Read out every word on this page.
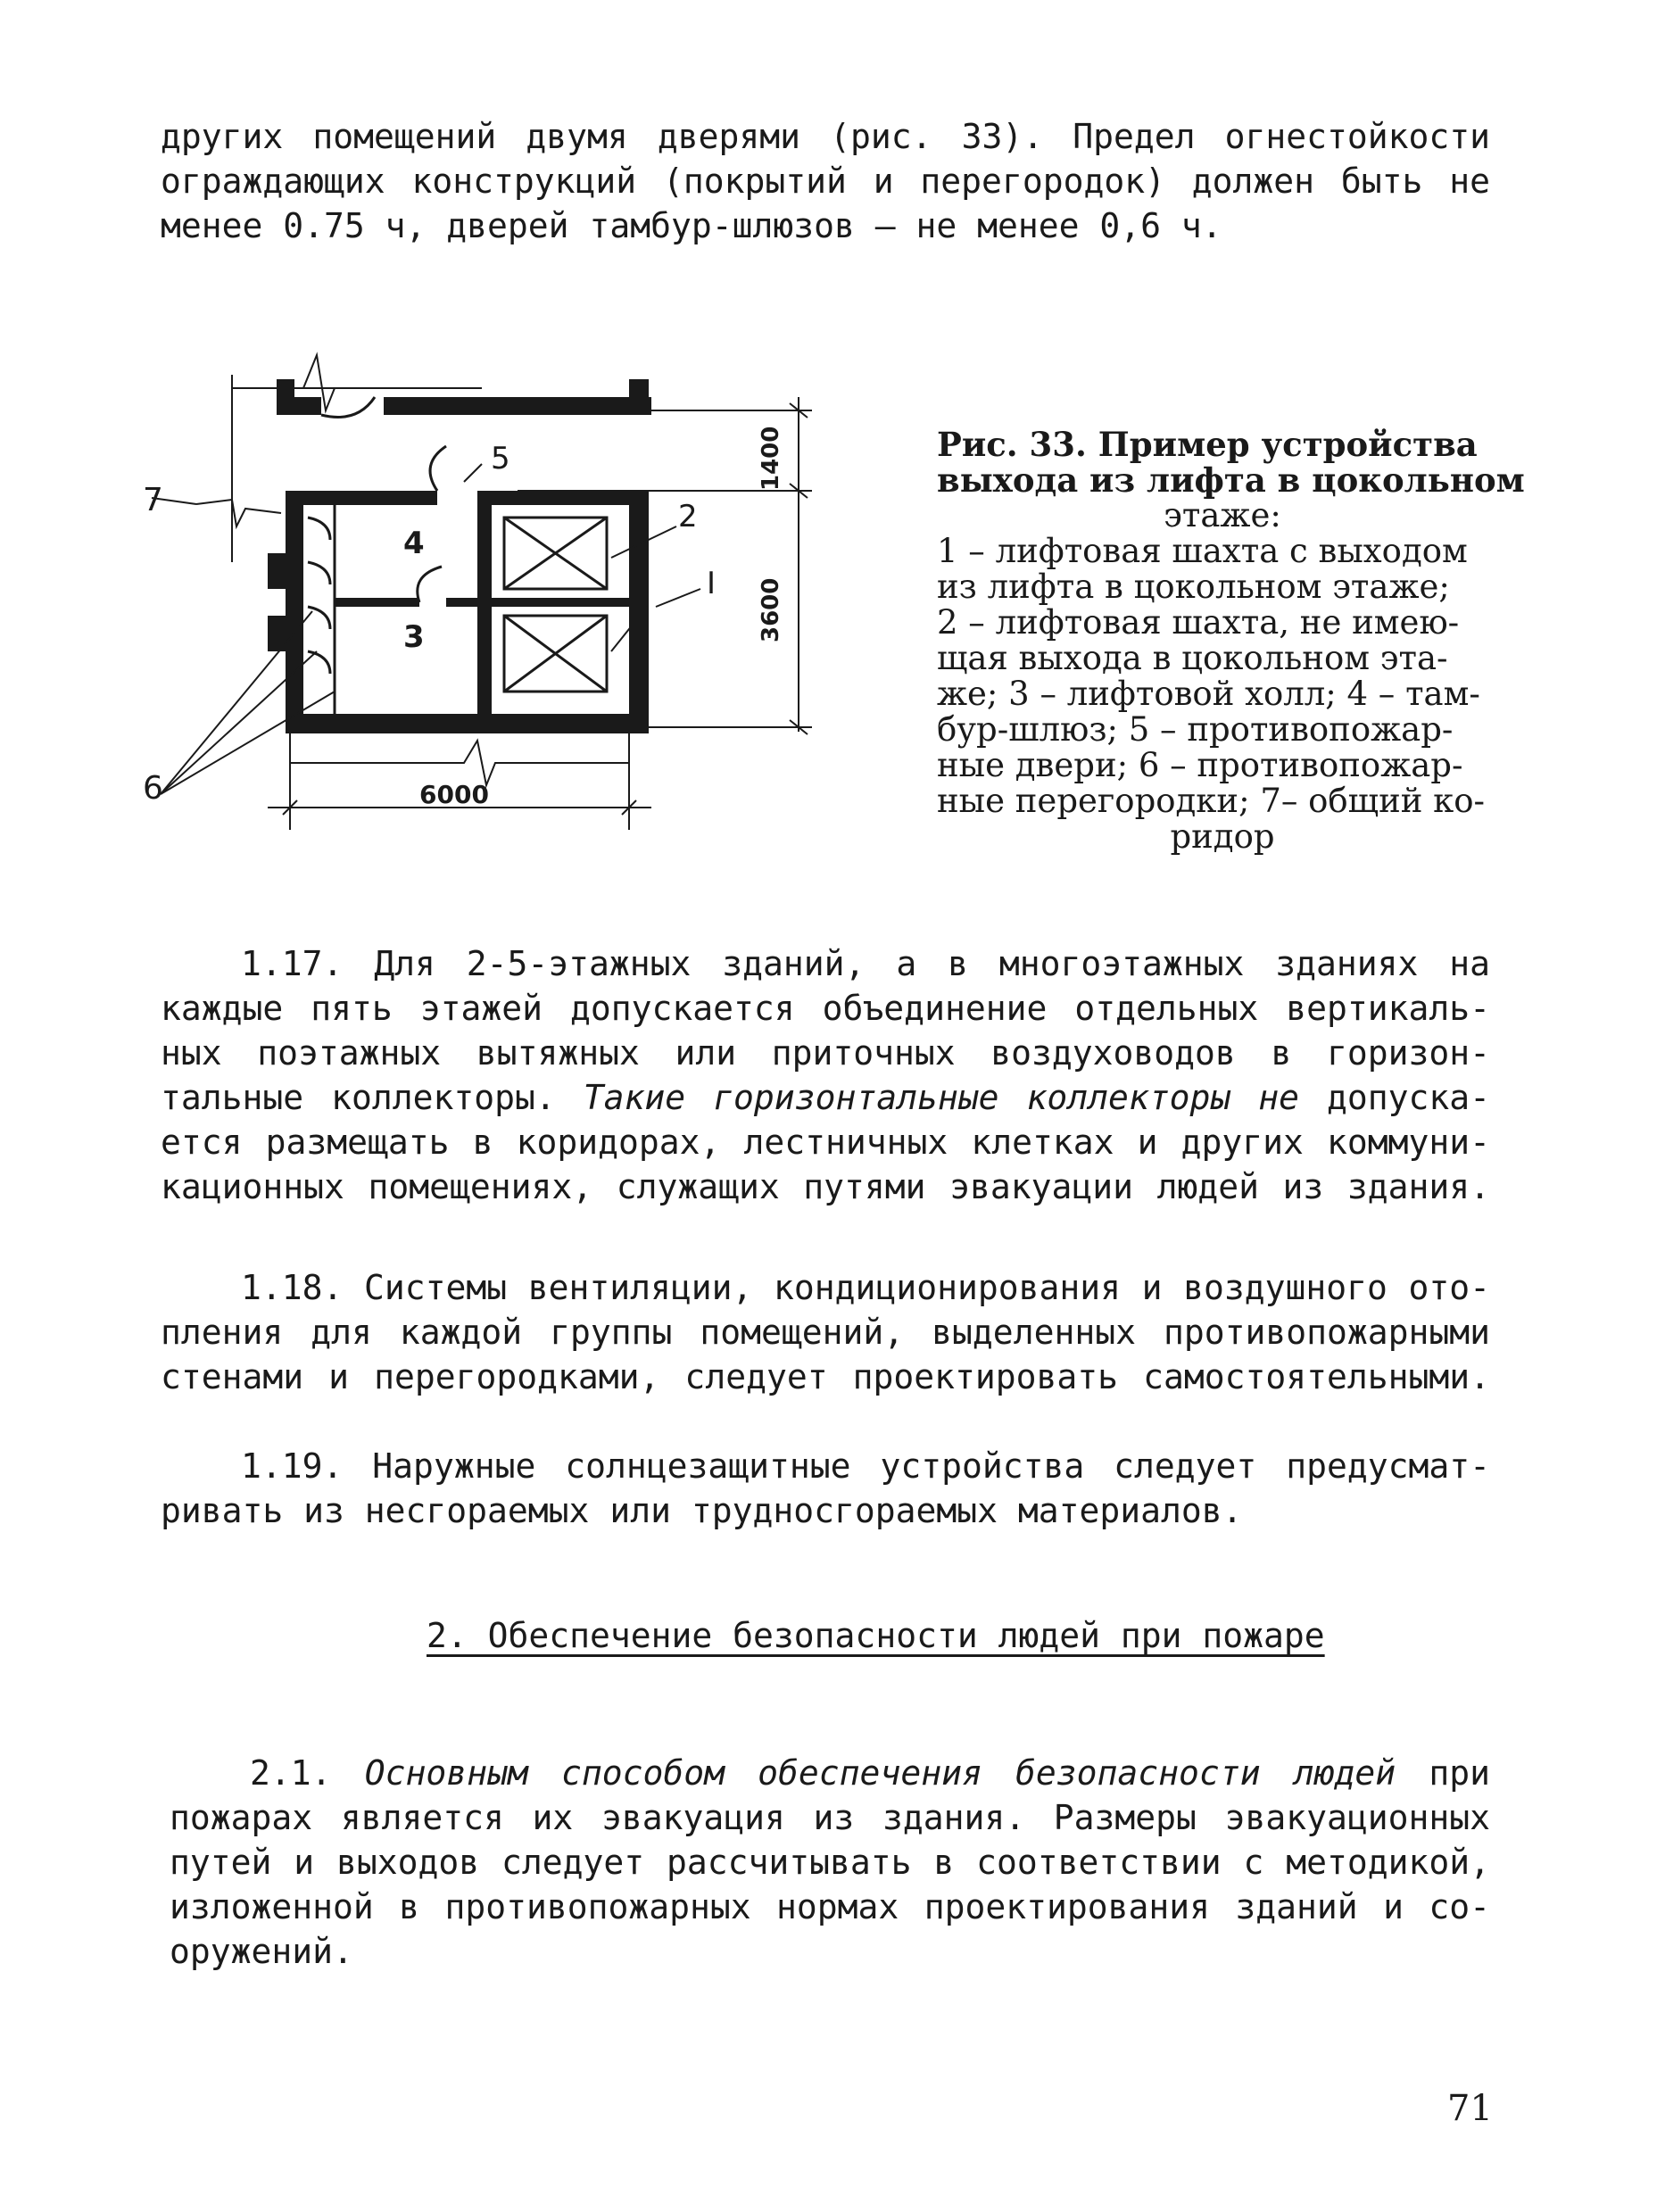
других помещений двумя дверями (рис. 33). Предел огнестойкости
ограждающих конструкций (покрытий и перегородок) должен быть не
менее 0.75 ч, дверей тамбур-шлюзов – не менее 0,6 ч.
7
6
5
4
3
2
I
6000
1400
3600
Рис. 33. Пример устройства
выхода из лифта в цокольном
этаже:
1 – лифтовая шахта с выходом
из лифта в цокольном этаже;
2 – лифтовая шахта, не имею-
щая выхода в цокольном эта-
же; 3 – лифтовой холл; 4 – там-
бур-шлюз; 5 – противопожар-
ные двери; 6 – противопожар-
ные перегородки; 7– общий ко-
ридор
1.17. Для 2-5-этажных зданий, а в многоэтажных зданиях на
каждые пять этажей допускается объединение отдельных вертикаль-
ных поэтажных вытяжных или приточных воздуховодов в горизон-
тальные коллекторы. Такие горизонтальные коллекторы не допуска-
ется размещать в коридорах, лестничных клетках и других коммуни-
кационных помещениях, служащих путями эвакуации людей из здания.
1.18. Системы вентиляции, кондиционирования и воздушного ото-
пления для каждой группы помещений, выделенных противопожарными
стенами и перегородками, следует проектировать самостоятельными.
1.19. Наружные солнцезащитные устройства следует предусмат-
ривать из несгораемых или трудносгораемых материалов.
2. Обеспечение безопасности людей при пожаре
2.1. Основным способом обеспечения безопасности людей при
пожарах является их эвакуация из здания. Размеры эвакуационных
путей и выходов следует рассчитывать в соответствии с методикой,
изложенной в противопожарных нормах проектирования зданий и со-
оружений.
71
